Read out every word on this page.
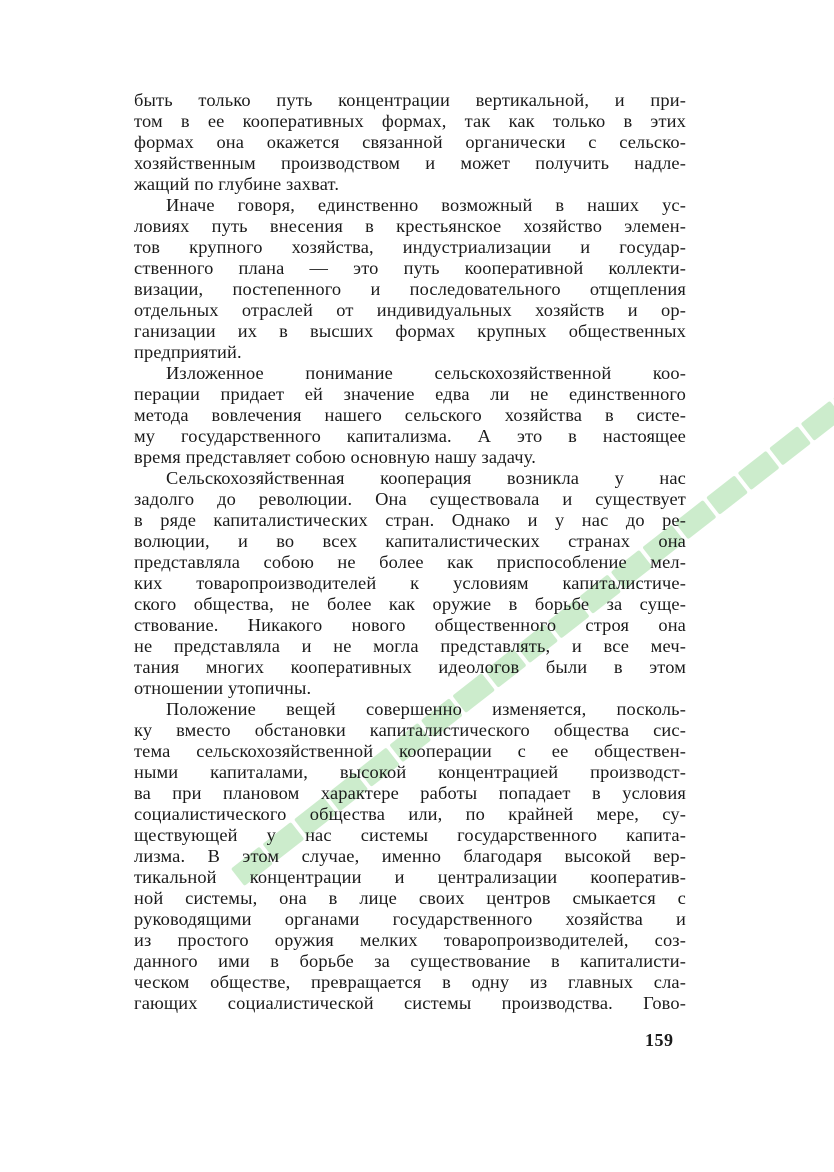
быть только путь концентрации вертикальной, и при-
том в ее кооперативных формах, так как только в этих
формах она окажется связанной органически с сельско-
хозяйственным производством и может получить надле-
жащий по глубине захват.
Иначе говоря, единственно возможный в наших ус-
ловиях путь внесения в крестьянское хозяйство элемен-
тов крупного хозяйства, индустриализации и государ-
ственного плана — это путь кооперативной коллекти-
визации, постепенного и последовательного отщепления
отдельных отраслей от индивидуальных хозяйств и ор-
ганизации их в высших формах крупных общественных
предприятий.
Изложенное понимание сельскохозяйственной коо-
перации придает ей значение едва ли не единственного
метода вовлечения нашего сельского хозяйства в систе-
му государственного капитализма. А это в настоящее
время представляет собою основную нашу задачу.
Сельскохозяйственная кооперация возникла у нас
задолго до революции. Она существовала и существует
в ряде капиталистических стран. Однако и у нас до ре-
волюции, и во всех капиталистических странах она
представляла собою не более как приспособление мел-
ких товаропроизводителей к условиям капиталистиче-
ского общества, не более как оружие в борьбе за суще-
ствование. Никакого нового общественного строя она
не представляла и не могла представлять, и все меч-
тания многих кооперативных идеологов были в этом
отношении утопичны.
Положение вещей совершенно изменяется, посколь-
ку вместо обстановки капиталистического общества сис-
тема сельскохозяйственной кооперации с ее обществен-
ными капиталами, высокой концентрацией производст-
ва при плановом характере работы попадает в условия
социалистического общества или, по крайней мере, су-
ществующей у нас системы государственного капита-
лизма. В этом случае, именно благодаря высокой вер-
тикальной концентрации и централизации кооператив-
ной системы, она в лице своих центров смыкается с
руководящими органами государственного хозяйства и
из простого оружия мелких товаропроизводителей, соз-
данного ими в борьбе за существование в капиталисти-
ческом обществе, превращается в одну из главных сла-
гающих социалистической системы производства. Гово-
159
